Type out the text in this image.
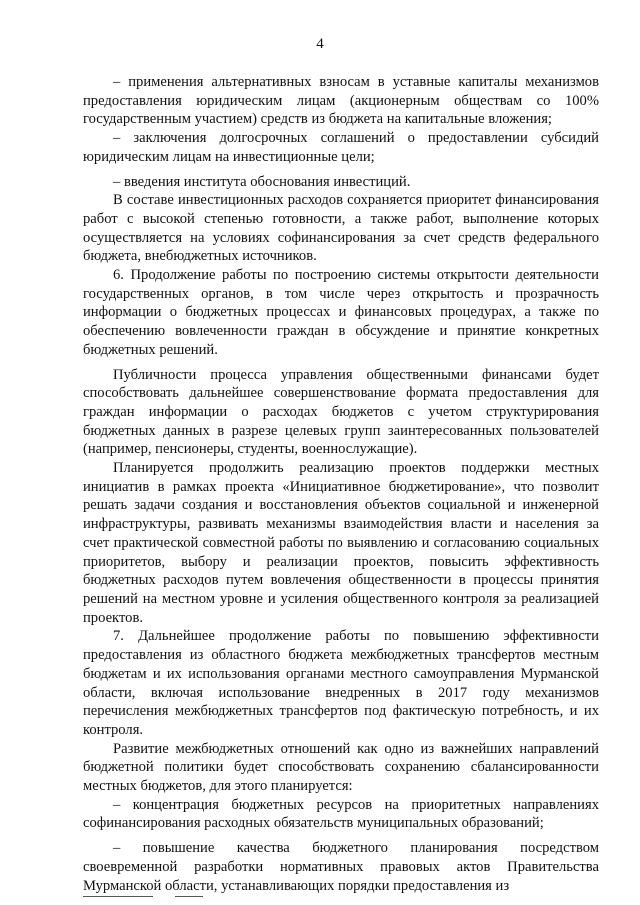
4

– применения альтернативных взносам в уставные капиталы механизмов предоставления юридическим лицам (акционерным обществам со 100% государственным участием) средств из бюджета на капитальные вложения;

– заключения долгосрочных соглашений о предоставлении субсидий юридическим лицам на инвестиционные цели;

– введения института обоснования инвестиций.

В составе инвестиционных расходов сохраняется приоритет финансирования работ с высокой степенью готовности, а также работ, выполнение которых осуществляется на условиях софинансирования за счет средств федерального бюджета, внебюджетных источников.

6. Продолжение работы по построению системы открытости деятельности государственных органов, в том числе через открытость и прозрачность информации о бюджетных процессах и финансовых процедурах, а также по обеспечению вовлеченности граждан в обсуждение и принятие конкретных бюджетных решений.

Публичности процесса управления общественными финансами будет способствовать дальнейшее совершенствование формата предоставления для граждан информации о расходах бюджетов с учетом структурирования бюджетных данных в разрезе целевых групп заинтересованных пользователей (например, пенсионеры, студенты, военнослужащие).

Планируется продолжить реализацию проектов поддержки местных инициатив в рамках проекта «Инициативное бюджетирование», что позволит решать задачи создания и восстановления объектов социальной и инженерной инфраструктуры, развивать механизмы взаимодействия власти и населения за счет практической совместной работы по выявлению и согласованию социальных приоритетов, выбору и реализации проектов, повысить эффективность бюджетных расходов путем вовлечения общественности в процессы принятия решений на местном уровне и усиления общественного контроля за реализацией проектов.

7. Дальнейшее продолжение работы по повышению эффективности предоставления из областного бюджета межбюджетных трансфертов местным бюджетам и их использования органами местного самоуправления Мурманской области, включая использование внедренных в 2017 году механизмов перечисления межбюджетных трансфертов под фактическую потребность, и их контроля.

Развитие межбюджетных отношений как одно из важнейших направлений бюджетной политики будет способствовать сохранению сбалансированности местных бюджетов, для этого планируется:

– концентрация бюджетных ресурсов на приоритетных направлениях софинансирования расходных обязательств муниципальных образований;

– повышение качества бюджетного планирования посредством своевременной разработки нормативных правовых актов Правительства Мурманской области, устанавливающих порядки предоставления из
